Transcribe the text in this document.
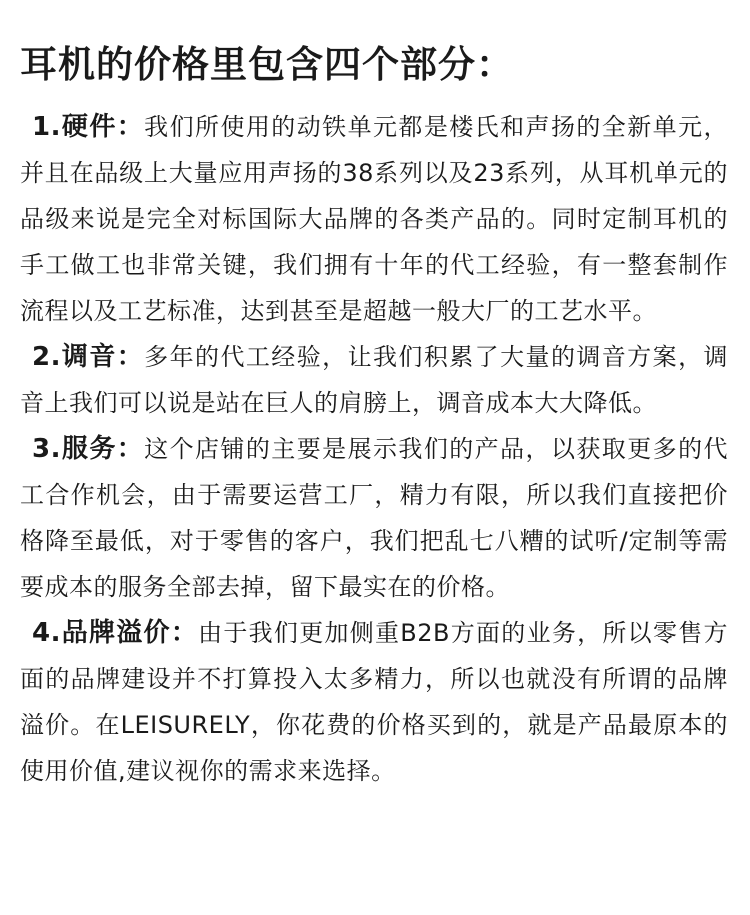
耳机的价格里包含四个部分：

1.硬件：我们所使用的动铁单元都是楼氏和声扬的全新单元，并且在品级上大量应用声扬的38系列以及23系列，从耳机单元的品级来说是完全对标国际大品牌的各类产品的。同时定制耳机的手工做工也非常关键，我们拥有十年的代工经验，有一整套制作流程以及工艺标准，达到甚至是超越一般大厂的工艺水平。

2.调音：多年的代工经验，让我们积累了大量的调音方案，调音上我们可以说是站在巨人的肩膀上，调音成本大大降低。

3.服务：这个店铺的主要是展示我们的产品，以获取更多的代工合作机会，由于需要运营工厂，精力有限，所以我们直接把价格降至最低，对于零售的客户，我们把乱七八糟的试听/定制等需要成本的服务全部去掉，留下最实在的价格。

4.品牌溢价：由于我们更加侧重B2B方面的业务，所以零售方面的品牌建设并不打算投入太多精力，所以也就没有所谓的品牌溢价。在LEISURELY，你花费的价格买到的，就是产品最原本的使用价值,建议视你的需求来选择。
